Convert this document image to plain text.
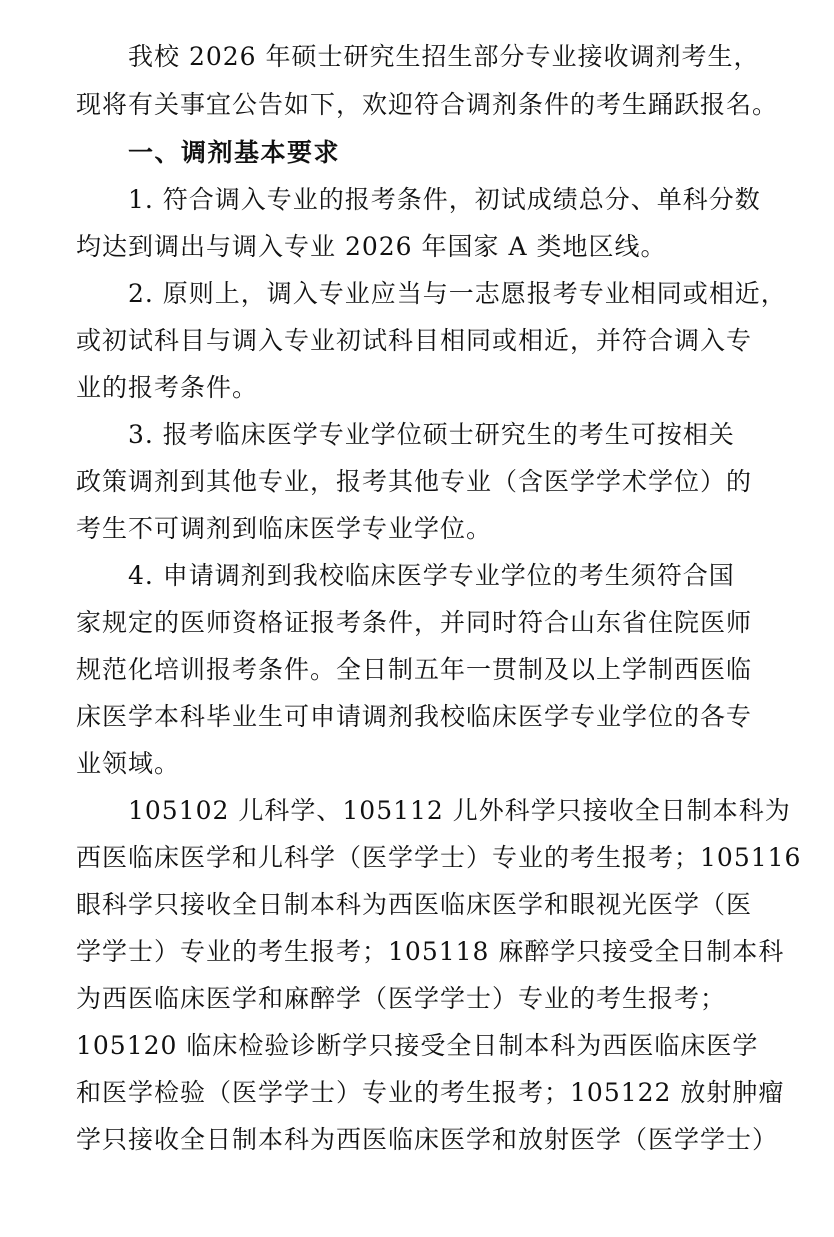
我校 2026 年硕士研究生招生部分专业接收调剂考生，
现将有关事宜公告如下，欢迎符合调剂条件的考生踊跃报名。
一、调剂基本要求
1. 符合调入专业的报考条件，初试成绩总分、单科分数
均达到调出与调入专业 2026 年国家 A 类地区线。
2. 原则上，调入专业应当与一志愿报考专业相同或相近，
或初试科目与调入专业初试科目相同或相近，并符合调入专
业的报考条件。
3. 报考临床医学专业学位硕士研究生的考生可按相关
政策调剂到其他专业，报考其他专业（含医学学术学位）的
考生不可调剂到临床医学专业学位。
4. 申请调剂到我校临床医学专业学位的考生须符合国
家规定的医师资格证报考条件，并同时符合山东省住院医师
规范化培训报考条件。全日制五年一贯制及以上学制西医临
床医学本科毕业生可申请调剂我校临床医学专业学位的各专
业领域。
105102 儿科学、105112 儿外科学只接收全日制本科为
西医临床医学和儿科学（医学学士）专业的考生报考；105116
眼科学只接收全日制本科为西医临床医学和眼视光医学（医
学学士）专业的考生报考；105118 麻醉学只接受全日制本科
为西医临床医学和麻醉学（医学学士）专业的考生报考；
105120 临床检验诊断学只接受全日制本科为西医临床医学
和医学检验（医学学士）专业的考生报考；105122 放射肿瘤
学只接收全日制本科为西医临床医学和放射医学（医学学士）
